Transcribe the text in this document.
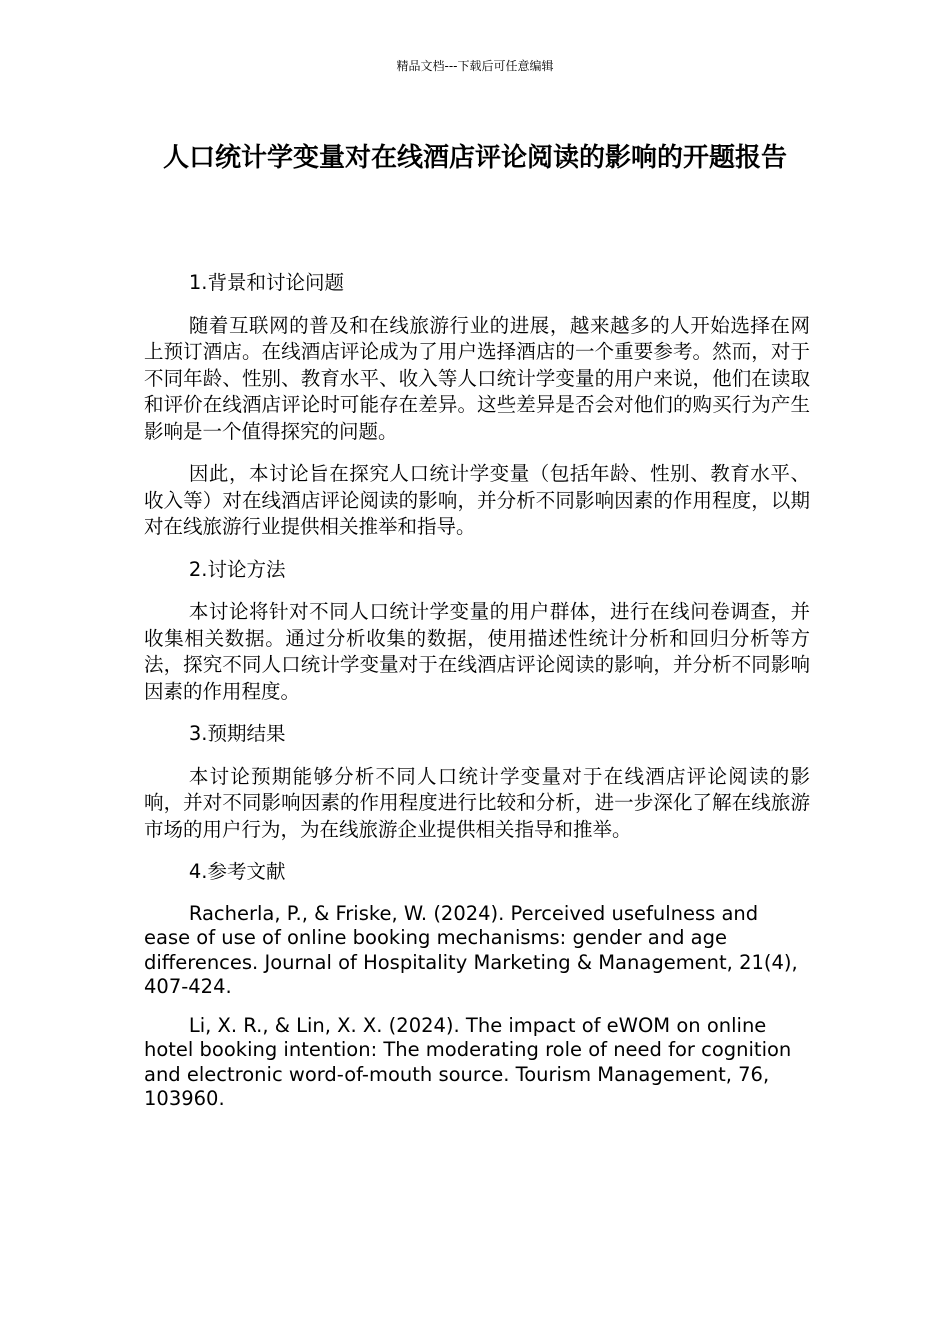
精品文档---下载后可任意编辑
人口统计学变量对在线酒店评论阅读的影响的开题报告

1.背景和讨论问题

随着互联网的普及和在线旅游行业的进展，越来越多的人开始选择在网上预订酒店。在线酒店评论成为了用户选择酒店的一个重要参考。然而，对于不同年龄、性别、教育水平、收入等人口统计学变量的用户来说，他们在读取和评价在线酒店评论时可能存在差异。这些差异是否会对他们的购买行为产生影响是一个值得探究的问题。

因此，本讨论旨在探究人口统计学变量（包括年龄、性别、教育水平、收入等）对在线酒店评论阅读的影响，并分析不同影响因素的作用程度，以期对在线旅游行业提供相关推举和指导。

2.讨论方法

本讨论将针对不同人口统计学变量的用户群体，进行在线问卷调查，并收集相关数据。通过分析收集的数据，使用描述性统计分析和回归分析等方法，探究不同人口统计学变量对于在线酒店评论阅读的影响，并分析不同影响因素的作用程度。

3.预期结果

本讨论预期能够分析不同人口统计学变量对于在线酒店评论阅读的影响，并对不同影响因素的作用程度进行比较和分析，进一步深化了解在线旅游市场的用户行为，为在线旅游企业提供相关指导和推举。

4.参考文献

Racherla, P., & Friske, W. (2024). Perceived usefulness and ease of use of online booking mechanisms: gender and age differences. Journal of Hospitality Marketing & Management, 21(4), 407-424.

Li, X. R., & Lin, X. X. (2024). The impact of eWOM on online hotel booking intention: The moderating role of need for cognition and electronic word-of-mouth source. Tourism Management, 76, 103960.
